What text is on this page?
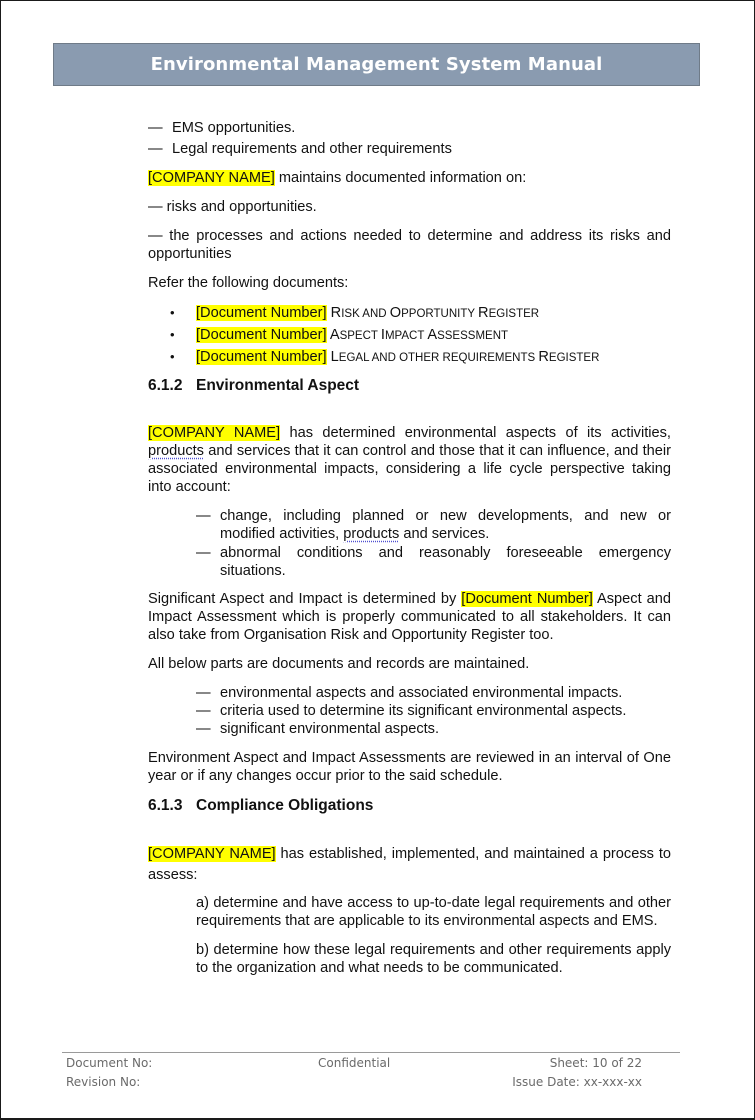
Environmental Management System Manual
— EMS opportunities.
— Legal requirements and other requirements
[COMPANY NAME] maintains documented information on:
— risks and opportunities.
— the processes and actions needed to determine and address its risks and opportunities
Refer the following documents:
• [Document Number] RISK AND OPPORTUNITY REGISTER
• [Document Number] ASPECT IMPACT ASSESSMENT
• [Document Number] LEGAL AND OTHER REQUIREMENTS REGISTER
6.1.2 Environmental Aspect
[COMPANY NAME] has determined environmental aspects of its activities, products and services that it can control and those that it can influence, and their associated environmental impacts, considering a life cycle perspective taking into account:
— change, including planned or new developments, and new or modified activities, products and services.
— abnormal conditions and reasonably foreseeable emergency situations.
Significant Aspect and Impact is determined by [Document Number] Aspect and Impact Assessment which is properly communicated to all stakeholders. It can also take from Organisation Risk and Opportunity Register too.
All below parts are documents and records are maintained.
— environmental aspects and associated environmental impacts.
— criteria used to determine its significant environmental aspects.
— significant environmental aspects.
Environment Aspect and Impact Assessments are reviewed in an interval of One year or if any changes occur prior to the said schedule.
6.1.3 Compliance Obligations
[COMPANY NAME] has established, implemented, and maintained a process to assess:
a) determine and have access to up-to-date legal requirements and other requirements that are applicable to its environmental aspects and EMS.
b) determine how these legal requirements and other requirements apply to the organization and what needs to be communicated.
Document No:
Revision No:
Confidential	Sheet: 10 of 22
Issue Date: xx-xxx-xx
